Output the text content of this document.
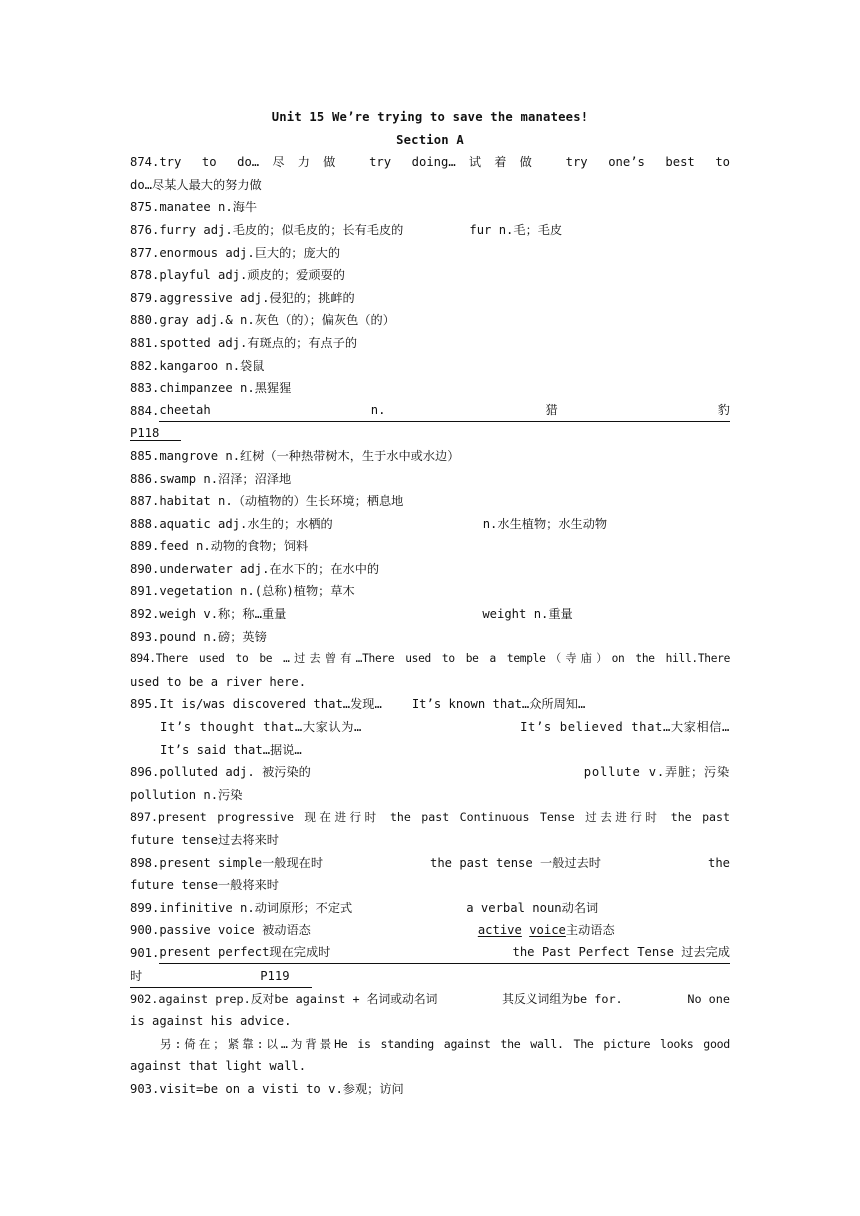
Unit 15 We’re trying to save the manatees!
Section A
874.try to do…尽力做 try doing…试着做 try one’s best to
do…尽某人最大的努力做
875.manatee n.海牛
876.furry adj.毛皮的；似毛皮的；长有毛皮的	fur n.毛；毛皮
877.enormous adj.巨大的；庞大的
878.playful adj.顽皮的；爱顽耍的
879.aggressive adj.侵犯的；挑衅的
880.gray adj.& n.灰色（的）；偏灰色（的）
881.spotted adj.有斑点的；有点子的
882.kangaroo n.袋鼠
883.chimpanzee n.黑猩猩
884. cheetah	n.	猎	豹
P118
885.mangrove n.红树（一种热带树木，生于水中或水边）
886.swamp n.沼泽；沼泽地
887.habitat n.（动植物的）生长环境；栖息地
888.aquatic adj.水生的；水栖的	n.水生植物；水生动物
889.feed n.动物的食物；饲料
890.underwater adj.在水下的；在水中的
891.vegetation n.(总称)植物；草木
892.weigh v.称；称…重量	weight n.重量
893.pound n.磅；英镑
894.There used to be …过去曾有…There used to be a temple（寺庙）on the hill.There
used to be a river here.
895.It is/was discovered that…发现… It’s known that…众所周知…
It’s thought that…大家认为…	It’s believed that…大家相信…
It’s said that…据说…
896.polluted adj. 被污染的	pollute v.弄脏；污染
pollution n.污染
897.present progressive 现在进行时 the past Continuous Tense 过去进行时 the past
future tense过去将来时
898.present simple一般现在时	the past tense 一般过去时	the
future tense一般将来时
899.infinitive n.动词原形；不定式	a verbal noun动名词
900.passive voice 被动语态	active voice主动语态
901. present perfect现在完成时	the Past Perfect Tense 过去完成
时	P119
902.against prep.反对be against + 名词或动名词	其反义词组为be for.	No one
is against his advice.
另:倚在；紧靠:以…为背景He is standing against the wall. The picture looks good
against that light wall.
903.visit=be on a visti to v.参观；访问
